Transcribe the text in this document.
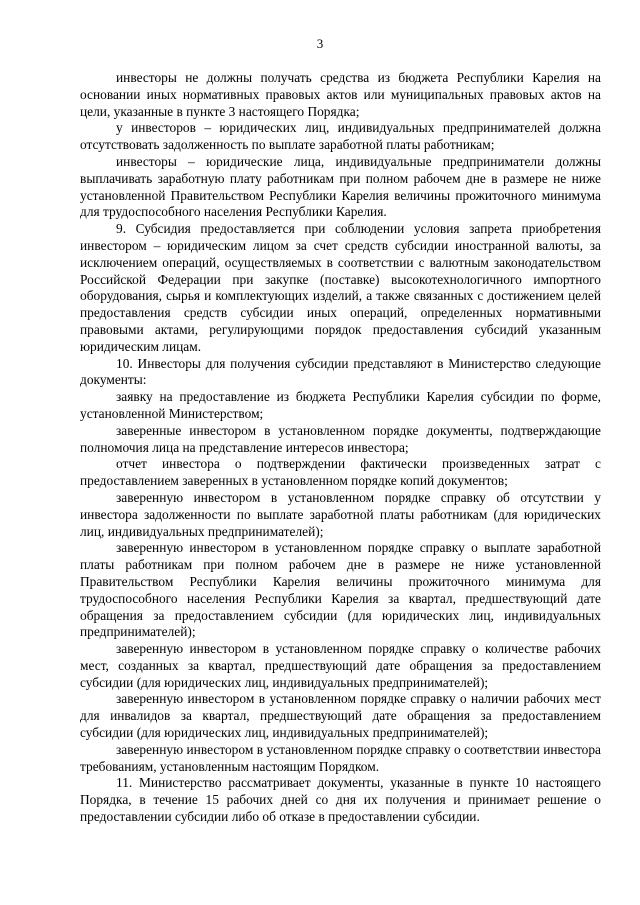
3

инвесторы не должны получать средства из бюджета Республики Карелия на основании иных нормативных правовых актов или муниципальных правовых актов на цели, указанные в пункте 3 настоящего Порядка;

у инвесторов – юридических лиц, индивидуальных предпринимателей должна отсутствовать задолженность по выплате заработной платы работникам;

инвесторы – юридические лица, индивидуальные предприниматели должны выплачивать заработную плату работникам при полном рабочем дне в размере не ниже установленной Правительством Республики Карелия величины прожиточного минимума для трудоспособного населения Республики Карелия.

9. Субсидия предоставляется при соблюдении условия запрета приобретения инвестором – юридическим лицом за счет средств субсидии иностранной валюты, за исключением операций, осуществляемых в соответствии с валютным законодательством Российской Федерации при закупке (поставке) высокотехнологичного импортного оборудования, сырья и комплектующих изделий, а также связанных с достижением целей предоставления средств субсидии иных операций, определенных нормативными правовыми актами, регулирующими порядок предоставления субсидий указанным юридическим лицам.

10. Инвесторы для получения субсидии представляют в Министерство следующие документы:

заявку на предоставление из бюджета Республики Карелия субсидии по форме, установленной Министерством;

заверенные инвестором в установленном порядке документы, подтверждающие полномочия лица на представление интересов инвестора;

отчет инвестора о подтверждении фактически произведенных затрат с предоставлением заверенных в установленном порядке копий документов;

заверенную инвестором в установленном порядке справку об отсутствии у инвестора задолженности по выплате заработной платы работникам (для юридических лиц, индивидуальных предпринимателей);

заверенную инвестором в установленном порядке справку о выплате заработной платы работникам при полном рабочем дне в размере не ниже установленной Правительством Республики Карелия величины прожиточного минимума для трудоспособного населения Республики Карелия за квартал, предшествующий дате обращения за предоставлением субсидии (для юридических лиц, индивидуальных предпринимателей);

заверенную инвестором в установленном порядке справку о количестве рабочих мест, созданных за квартал, предшествующий дате обращения за предоставлением субсидии (для юридических лиц, индивидуальных предпринимателей);

заверенную инвестором в установленном порядке справку о наличии рабочих мест для инвалидов за квартал, предшествующий дате обращения за предоставлением субсидии (для юридических лиц, индивидуальных предпринимателей);

заверенную инвестором в установленном порядке справку о соответствии инвестора требованиям, установленным настоящим Порядком.

11. Министерство рассматривает документы, указанные в пункте 10 настоящего Порядка, в течение 15 рабочих дней со дня их получения и принимает решение о предоставлении субсидии либо об отказе в предоставлении субсидии.
